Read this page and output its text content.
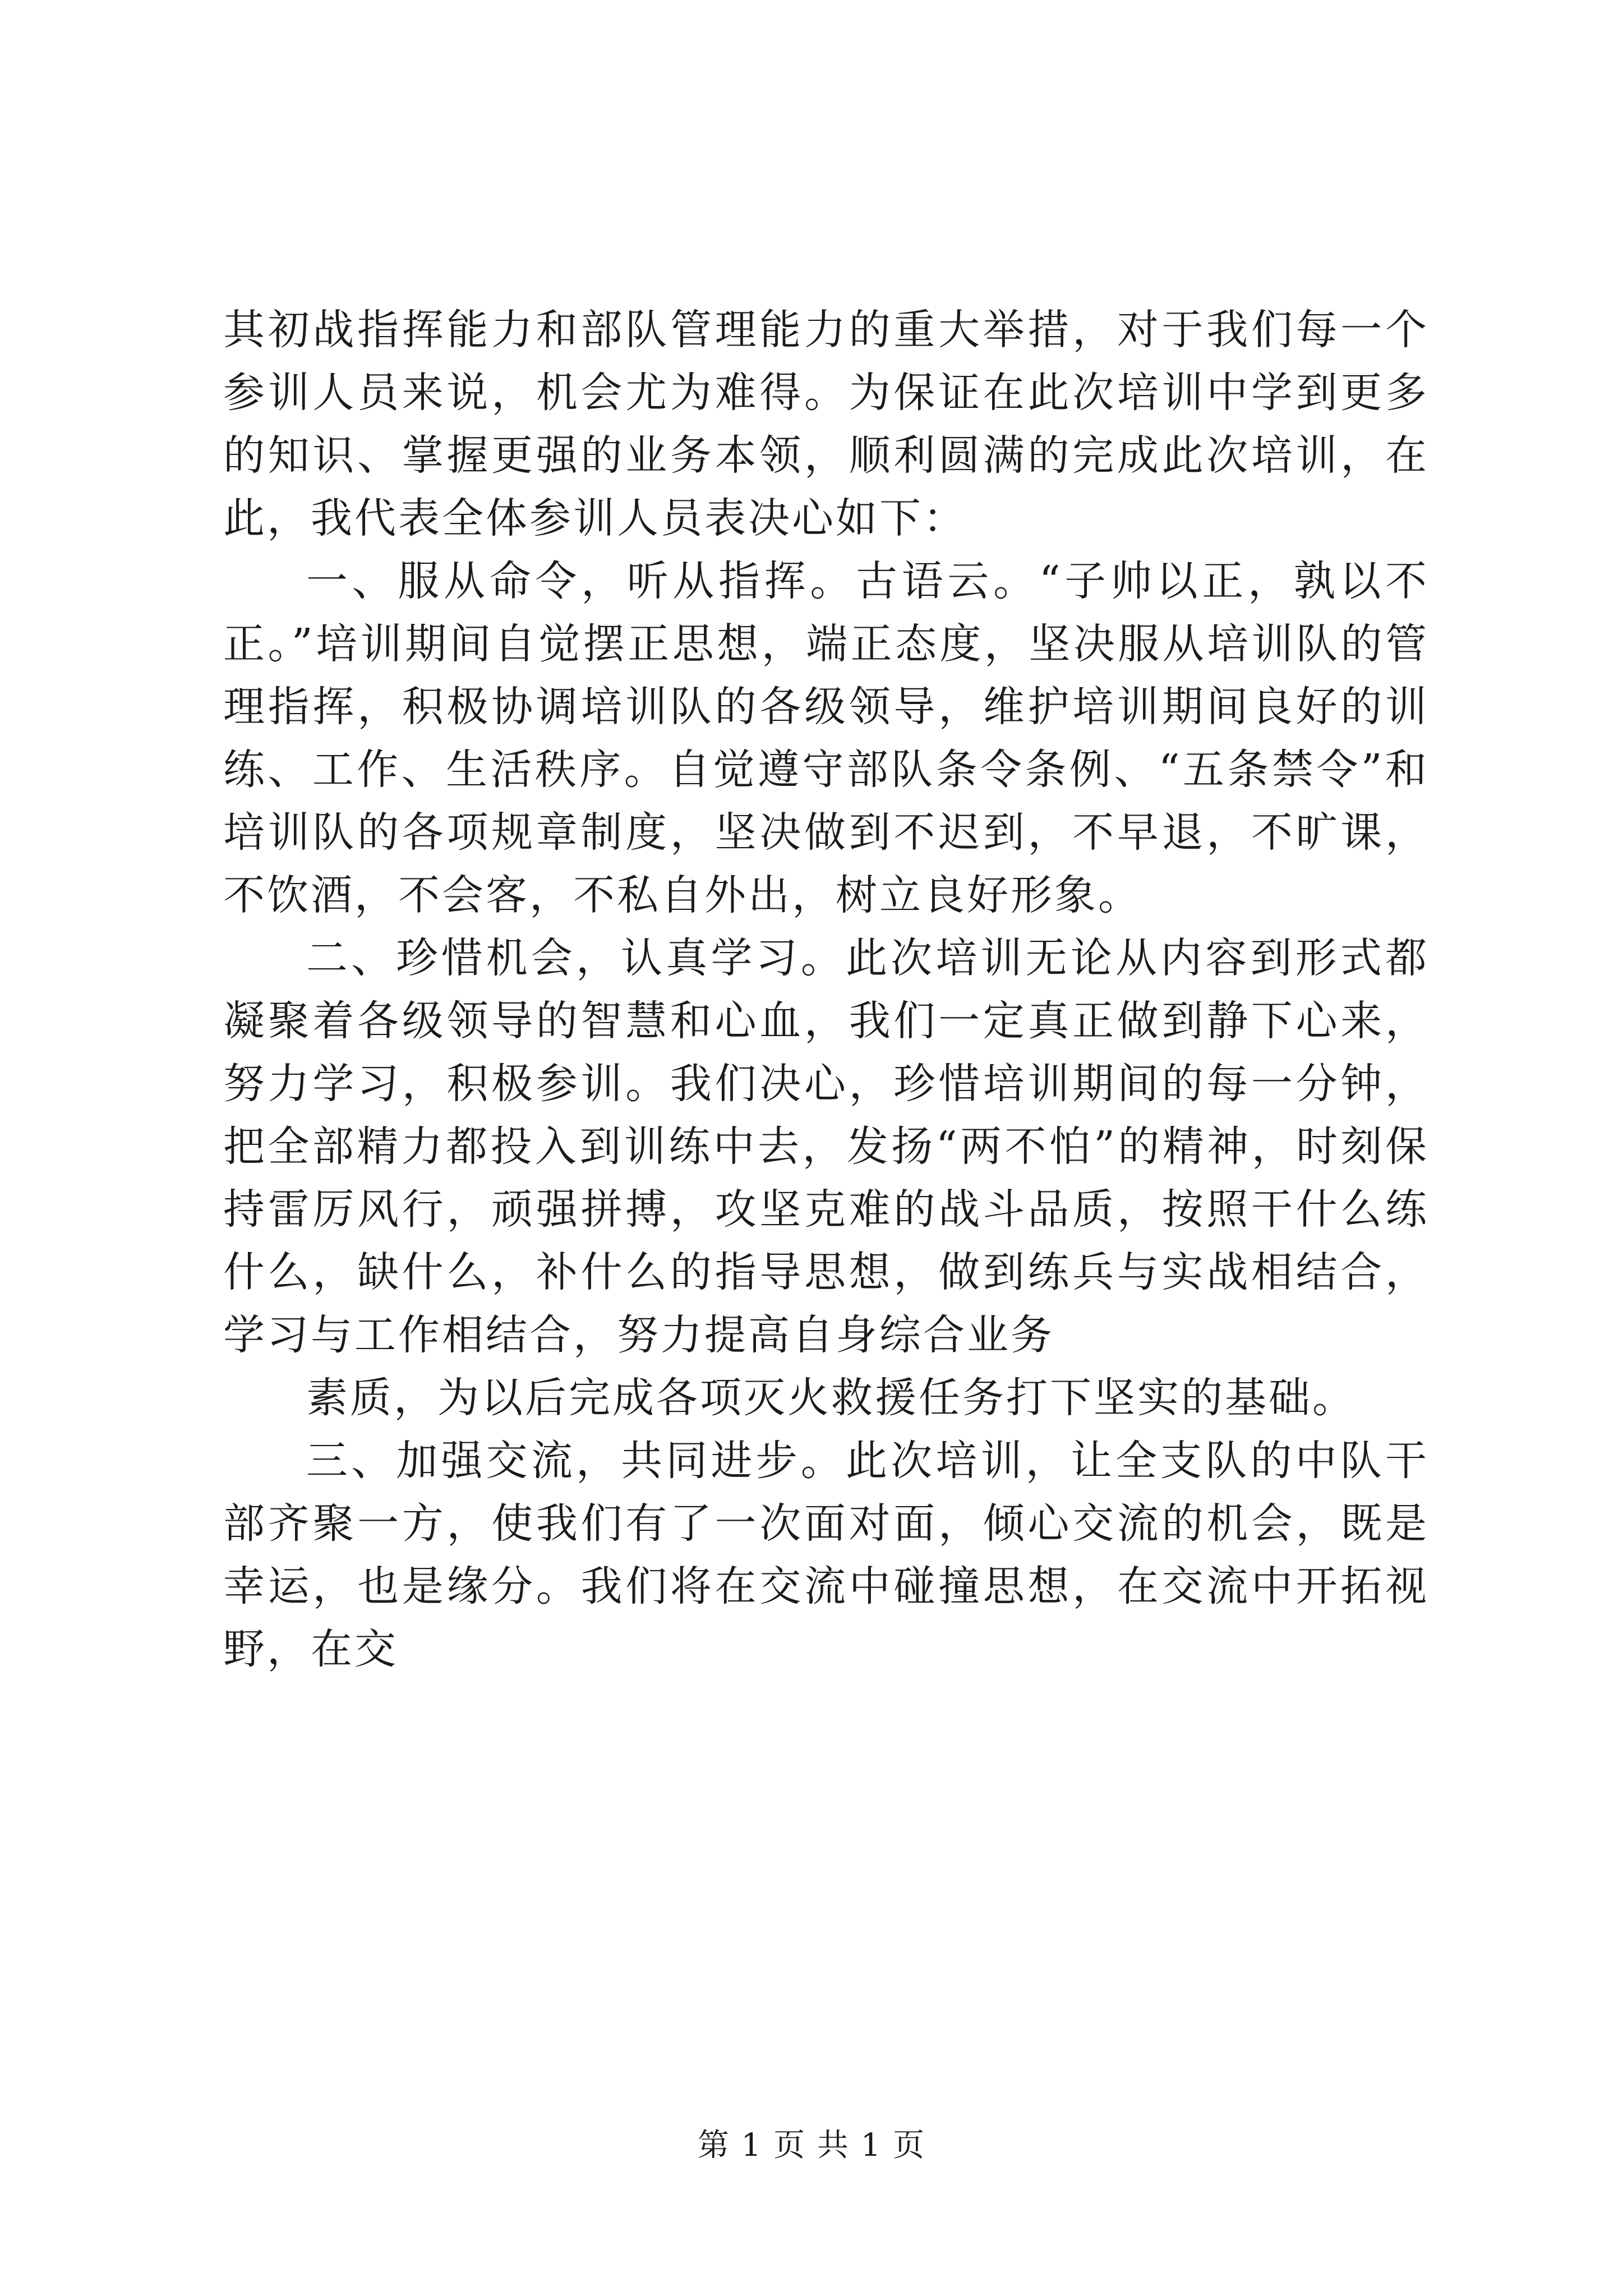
其初战指挥能力和部队管理能力的重大举措，对于我们每一个参训人员来说，机会尤为难得。为保证在此次培训中学到更多的知识、掌握更强的业务本领，顺利圆满的完成此次培训，在此，我代表全体参训人员表决心如下：

一、服从命令，听从指挥。古语云。“子帅以正，孰以不正。”培训期间自觉摆正思想，端正态度，坚决服从培训队的管理指挥，积极协调培训队的各级领导，维护培训期间良好的训练、工作、生活秩序。自觉遵守部队条令条例、“五条禁令”和培训队的各项规章制度，坚决做到不迟到，不早退，不旷课，不饮酒，不会客，不私自外出，树立良好形象。

二、珍惜机会，认真学习。此次培训无论从内容到形式都凝聚着各级领导的智慧和心血，我们一定真正做到静下心来，努力学习，积极参训。我们决心，珍惜培训期间的每一分钟，把全部精力都投入到训练中去，发扬“两不怕”的精神，时刻保持雷厉风行，顽强拼搏，攻坚克难的战斗品质，按照干什么练什么，缺什么，补什么的指导思想，做到练兵与实战相结合，学习与工作相结合，努力提高自身综合业务

素质，为以后完成各项灭火救援任务打下坚实的基础。

三、加强交流，共同进步。此次培训，让全支队的中队干部齐聚一方，使我们有了一次面对面，倾心交流的机会，既是幸运，也是缘分。我们将在交流中碰撞思想，在交流中开拓视野，在交

第 1 页 共 1 页
